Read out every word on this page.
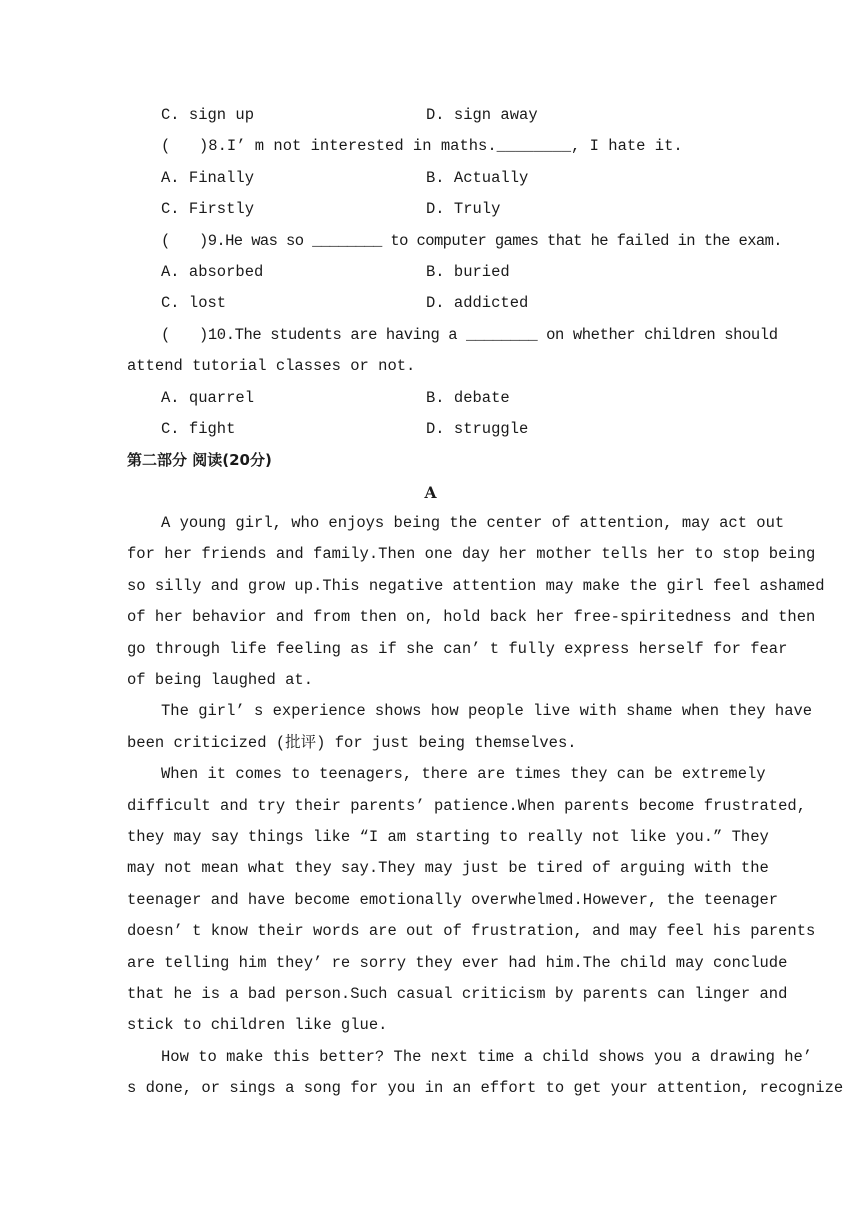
C. sign up	D. sign away
( )8.I’ m not interested in maths.________, I hate it.
A. Finally	B. Actually
C. Firstly	D. Truly
( )9.He was so ________ to computer games that he failed in the exam.
A. absorbed	B. buried
C. lost	D. addicted
( )10.The students are having a ________ on whether children should
attend tutorial classes or not.
A. quarrel	B. debate
C. fight	D. struggle
第二部分 阅读(20分)
A
A young girl, who enjoys being the center of attention, may act out
for her friends and family.Then one day her mother tells her to stop being
so silly and grow up.This negative attention may make the girl feel ashamed
of her behavior and from then on, hold back her free-spiritedness and then
go through life feeling as if she can’ t fully express herself for fear
of being laughed at.
The girl’ s experience shows how people live with shame when they have
been criticized (批评) for just being themselves.
When it comes to teenagers, there are times they can be extremely
difficult and try their parents’ patience.When parents become frustrated,
they may say things like “I am starting to really not like you.” They
may not mean what they say.They may just be tired of arguing with the
teenager and have become emotionally overwhelmed.However, the teenager
doesn’ t know their words are out of frustration, and may feel his parents
are telling him they’ re sorry they ever had him.The child may conclude
that he is a bad person.Such casual criticism by parents can linger and
stick to children like glue.
How to make this better? The next time a child shows you a drawing he’
s done, or sings a song for you in an effort to get your attention, recognize
